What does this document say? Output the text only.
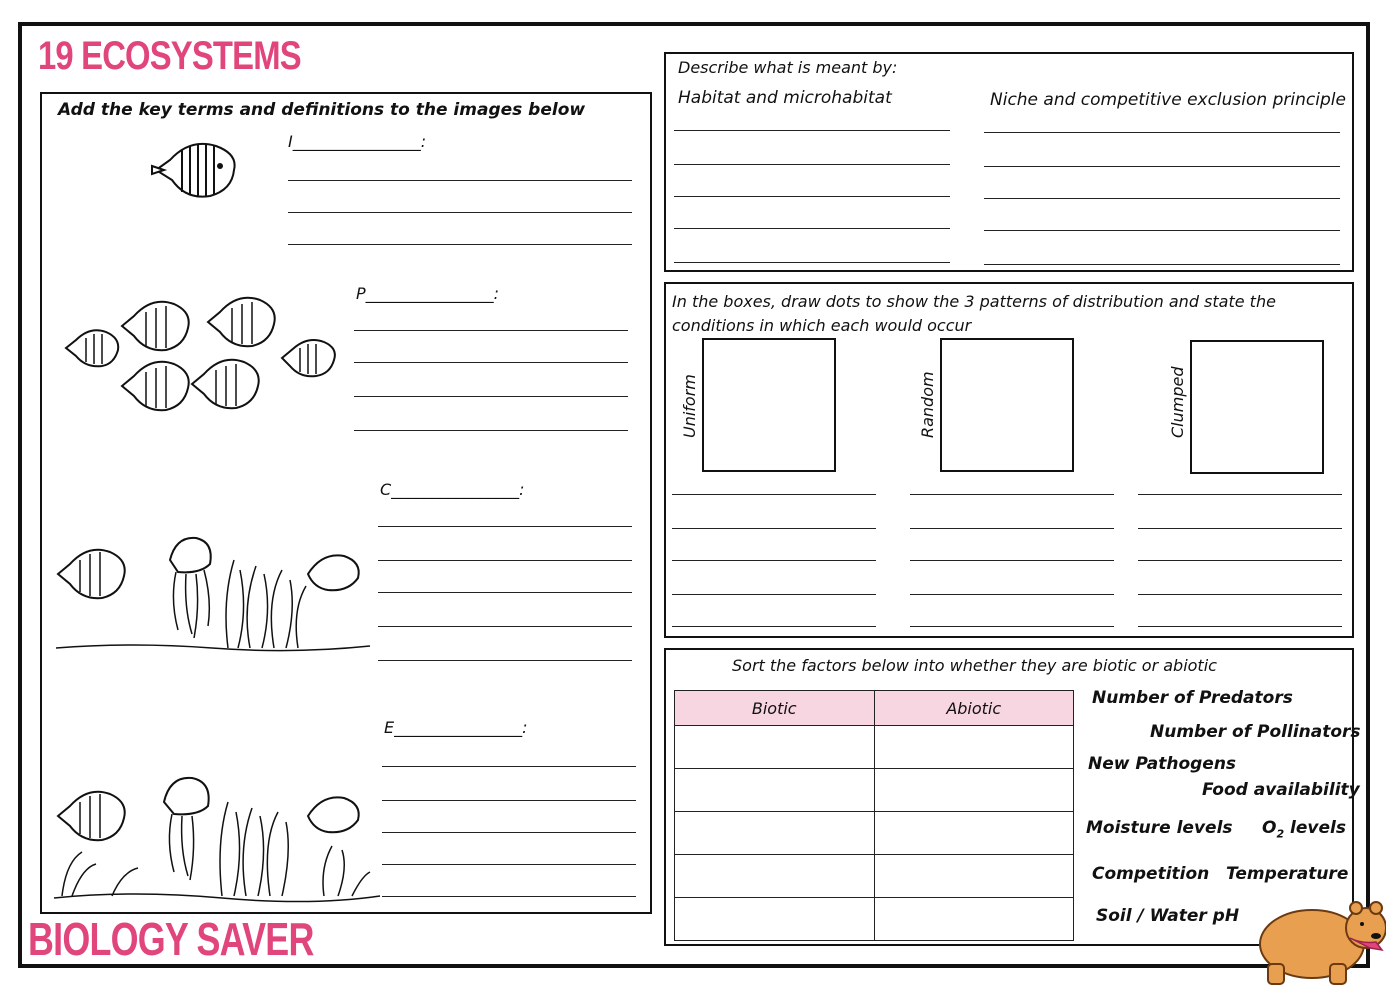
19 ECOSYSTEMS
Add the key terms and definitions to the images below
I________________:
P________________:
C________________:
E________________:
Describe what is meant by:
Habitat and microhabitat	Niche and competitive exclusion principle
In the boxes, draw dots to show the 3 patterns of distribution and state the
conditions in which each would occur
Uniform	Random	Clumped
Sort the factors below into whether they are biotic or abiotic
Biotic	Abiotic

		Number of Predators
Number of Pollinators
New Pathogens
Food availability
Moisture levels $O_2$ levels
Competition Temperature
Soil / Water pH
BIOLOGY SAVER
